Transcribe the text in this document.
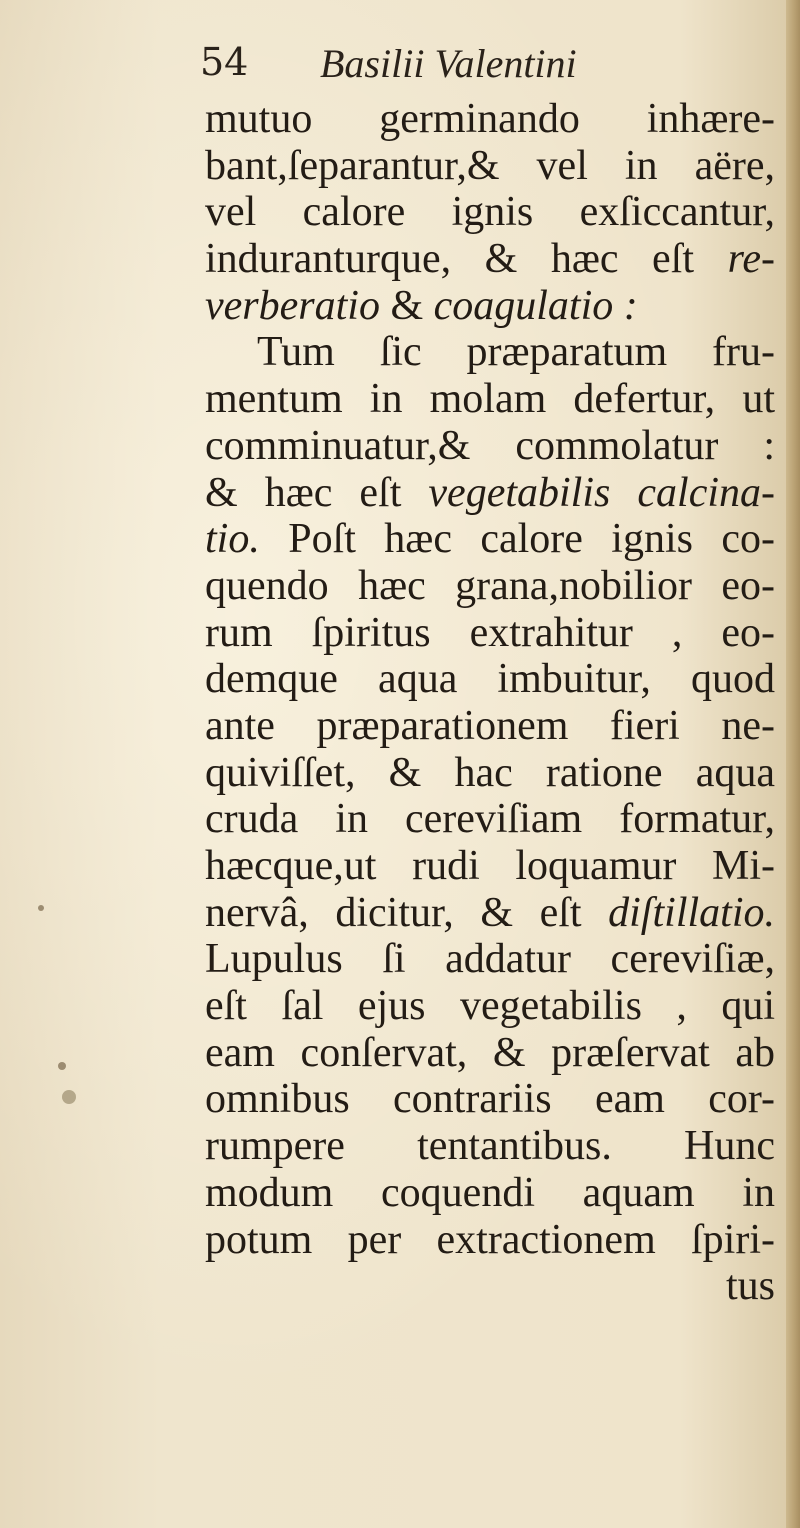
54 Basilii Valentini
mutuo germinando inhære-
bant,ſeparantur,& vel in aëre,
vel calore ignis exſiccantur,
induranturque, & hæc eſt re-
verberatio & coagulatio :
Tum ſic præparatum fru-
mentum in molam defertur, ut
comminuatur,& commolatur :
& hæc eſt vegetabilis calcina-
tio. Poſt hæc calore ignis co-
quendo hæc grana,nobilior eo-
rum ſpiritus extrahitur , eo-
demque aqua imbuitur, quod
ante præparationem fieri ne-
quiviſſet, & hac ratione aqua
cruda in cereviſiam formatur,
hæcque,ut rudi loquamur Mi-
nervâ, dicitur, & eſt diſtillatio.
Lupulus ſi addatur cereviſiæ,
eſt ſal ejus vegetabilis , qui
eam conſervat, & præſervat ab
omnibus contrariis eam cor-
rumpere tentantibus. Hunc
modum coquendi aquam in
potum per extractionem ſpiri-
tus
